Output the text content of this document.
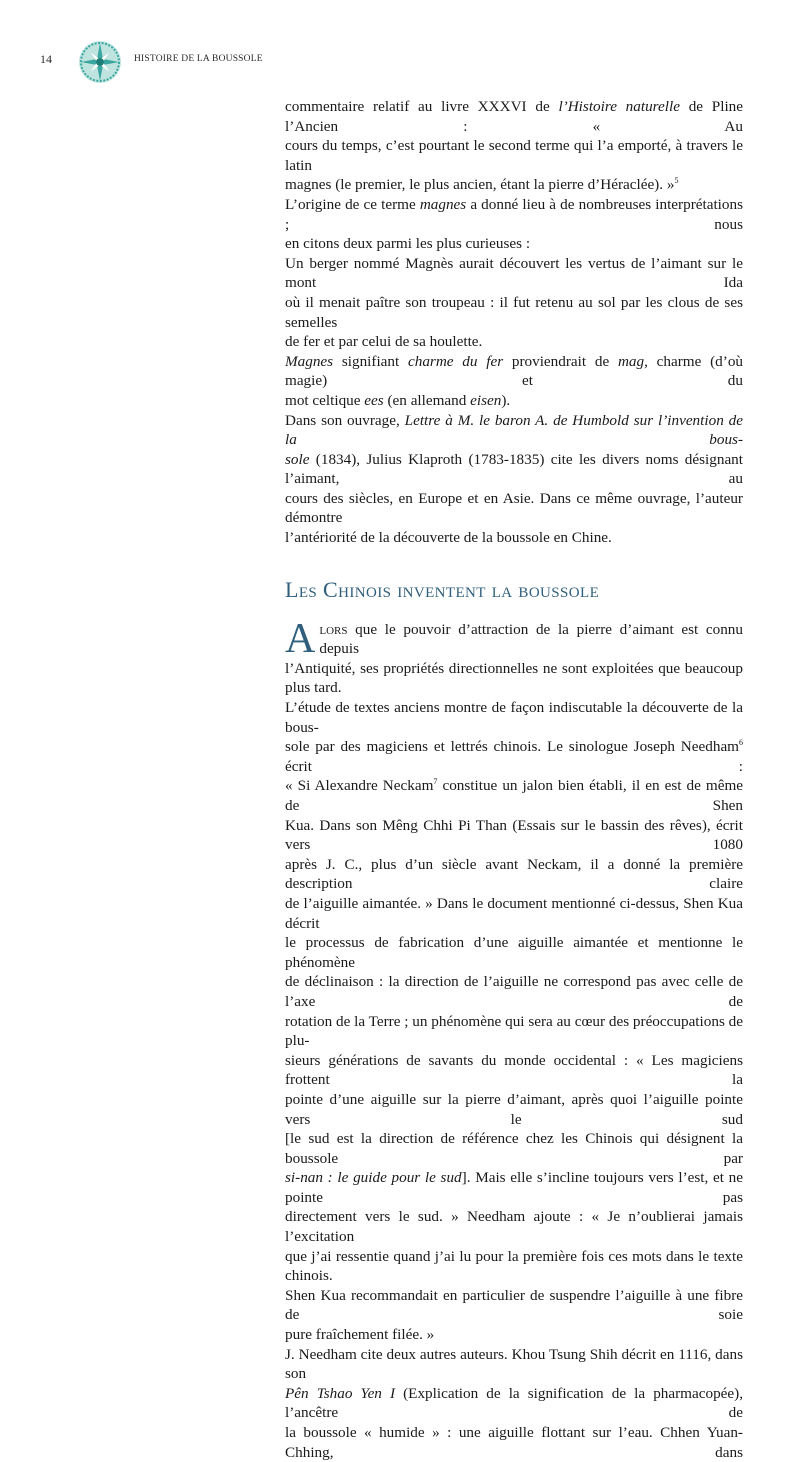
14	HISTOIRE DE LA BOUSSOLE

commentaire relatif au livre XXXVI de l’Histoire naturelle de Pline l’Ancien : « Au
cours du temps, c’est pourtant le second terme qui l’a emporté, à travers le latin
magnes (le premier, le plus ancien, étant la pierre d’Héraclée). »$^5$

L’origine de ce terme magnes a donné lieu à de nombreuses interprétations ; nous
en citons deux parmi les plus curieuses :

Un berger nommé Magnès aurait découvert les vertus de l’aimant sur le mont Ida
où il menait paître son troupeau : il fut retenu au sol par les clous de ses semelles
de fer et par celui de sa houlette.

Magnes signifiant charme du fer proviendrait de mag, charme (d’où magie) et du
mot celtique ees (en allemand eisen).

Dans son ouvrage, Lettre à M. le baron A. de Humbold sur l’invention de la bous-
sole (1834), Julius Klaproth (1783-1835) cite les divers noms désignant l’aimant, au
cours des siècles, en Europe et en Asie. Dans ce même ouvrage, l’auteur démontre
l’antériorité de la découverte de la boussole en Chine.

Les Chinois inventent la boussole

A lors que le pouvoir d’attraction de la pierre d’aimant est connu depuis
l’Antiquité, ses propriétés directionnelles ne sont exploitées que beaucoup
plus tard.

L’étude de textes anciens montre de façon indiscutable la découverte de la bous-
sole par des magiciens et lettrés chinois. Le sinologue Joseph Needham$^6$ écrit :
« Si Alexandre Neckam$^7$ constitue un jalon bien établi, il en est de même de Shen
Kua. Dans son Mêng Chhi Pi Than (Essais sur le bassin des rêves), écrit vers 1080
après J. C., plus d’un siècle avant Neckam, il a donné la première description claire
de l’aiguille aimantée. » Dans le document mentionné ci-dessus, Shen Kua décrit
le processus de fabrication d’une aiguille aimantée et mentionne le phénomène
de déclinaison : la direction de l’aiguille ne correspond pas avec celle de l’axe de
rotation de la Terre ; un phénomène qui sera au cœur des préoccupations de plu-
sieurs générations de savants du monde occidental : « Les magiciens frottent la
pointe d’une aiguille sur la pierre d’aimant, après quoi l’aiguille pointe vers le sud
[le sud est la direction de référence chez les Chinois qui désignent la boussole par
si-nan : le guide pour le sud]. Mais elle s’incline toujours vers l’est, et ne pointe pas
directement vers le sud. » Needham ajoute : « Je n’oublierai jamais l’excitation
que j’ai ressentie quand j’ai lu pour la première fois ces mots dans le texte chinois.
Shen Kua recommandait en particulier de suspendre l’aiguille à une fibre de soie
pure fraîchement filée. »

J. Needham cite deux autres auteurs. Khou Tsung Shih décrit en 1116, dans son
Pên Tshao Yen I (Explication de la signification de la pharmacopée), l’ancêtre de
la boussole « humide » : une aiguille flottant sur l’eau. Chhen Yuan-Chhing, dans
